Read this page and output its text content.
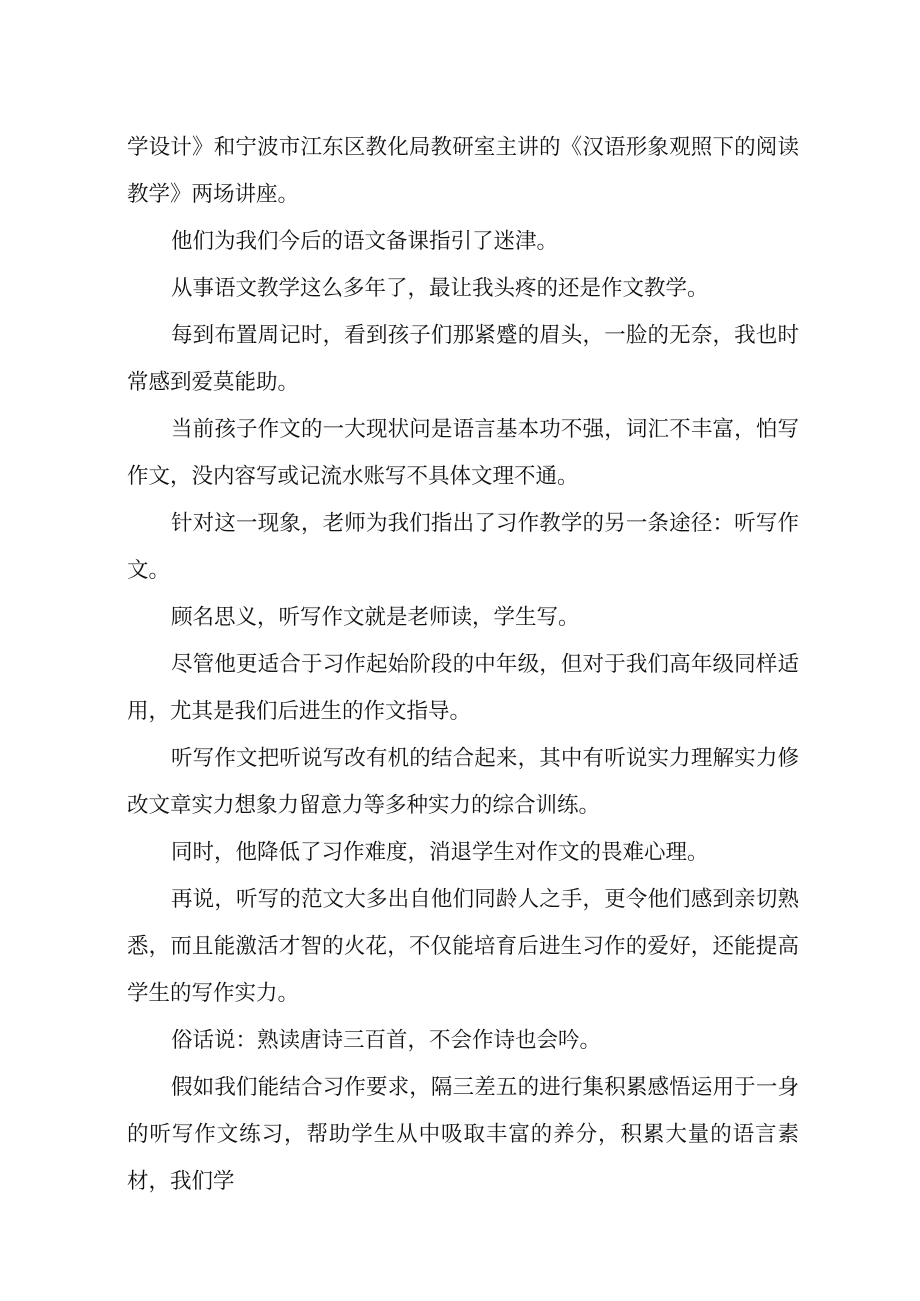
学设计》和宁波市江东区教化局教研室主讲的《汉语形象观照下的阅读教学》两场讲座。

他们为我们今后的语文备课指引了迷津。

从事语文教学这么多年了，最让我头疼的还是作文教学。

每到布置周记时，看到孩子们那紧蹙的眉头，一脸的无奈，我也时常感到爱莫能助。

当前孩子作文的一大现状问是语言基本功不强，词汇不丰富，怕写作文，没内容写或记流水账写不具体文理不通。

针对这一现象，老师为我们指出了习作教学的另一条途径：听写作文。

顾名思义，听写作文就是老师读，学生写。

尽管他更适合于习作起始阶段的中年级，但对于我们高年级同样适用，尤其是我们后进生的作文指导。

听写作文把听说写改有机的结合起来，其中有听说实力理解实力修改文章实力想象力留意力等多种实力的综合训练。

同时，他降低了习作难度，消退学生对作文的畏难心理。

再说，听写的范文大多出自他们同龄人之手，更令他们感到亲切熟悉，而且能激活才智的火花，不仅能培育后进生习作的爱好，还能提高学生的写作实力。

俗话说：熟读唐诗三百首，不会作诗也会吟。

假如我们能结合习作要求，隔三差五的进行集积累感悟运用于一身的听写作文练习，帮助学生从中吸取丰富的养分，积累大量的语言素材，我们学
